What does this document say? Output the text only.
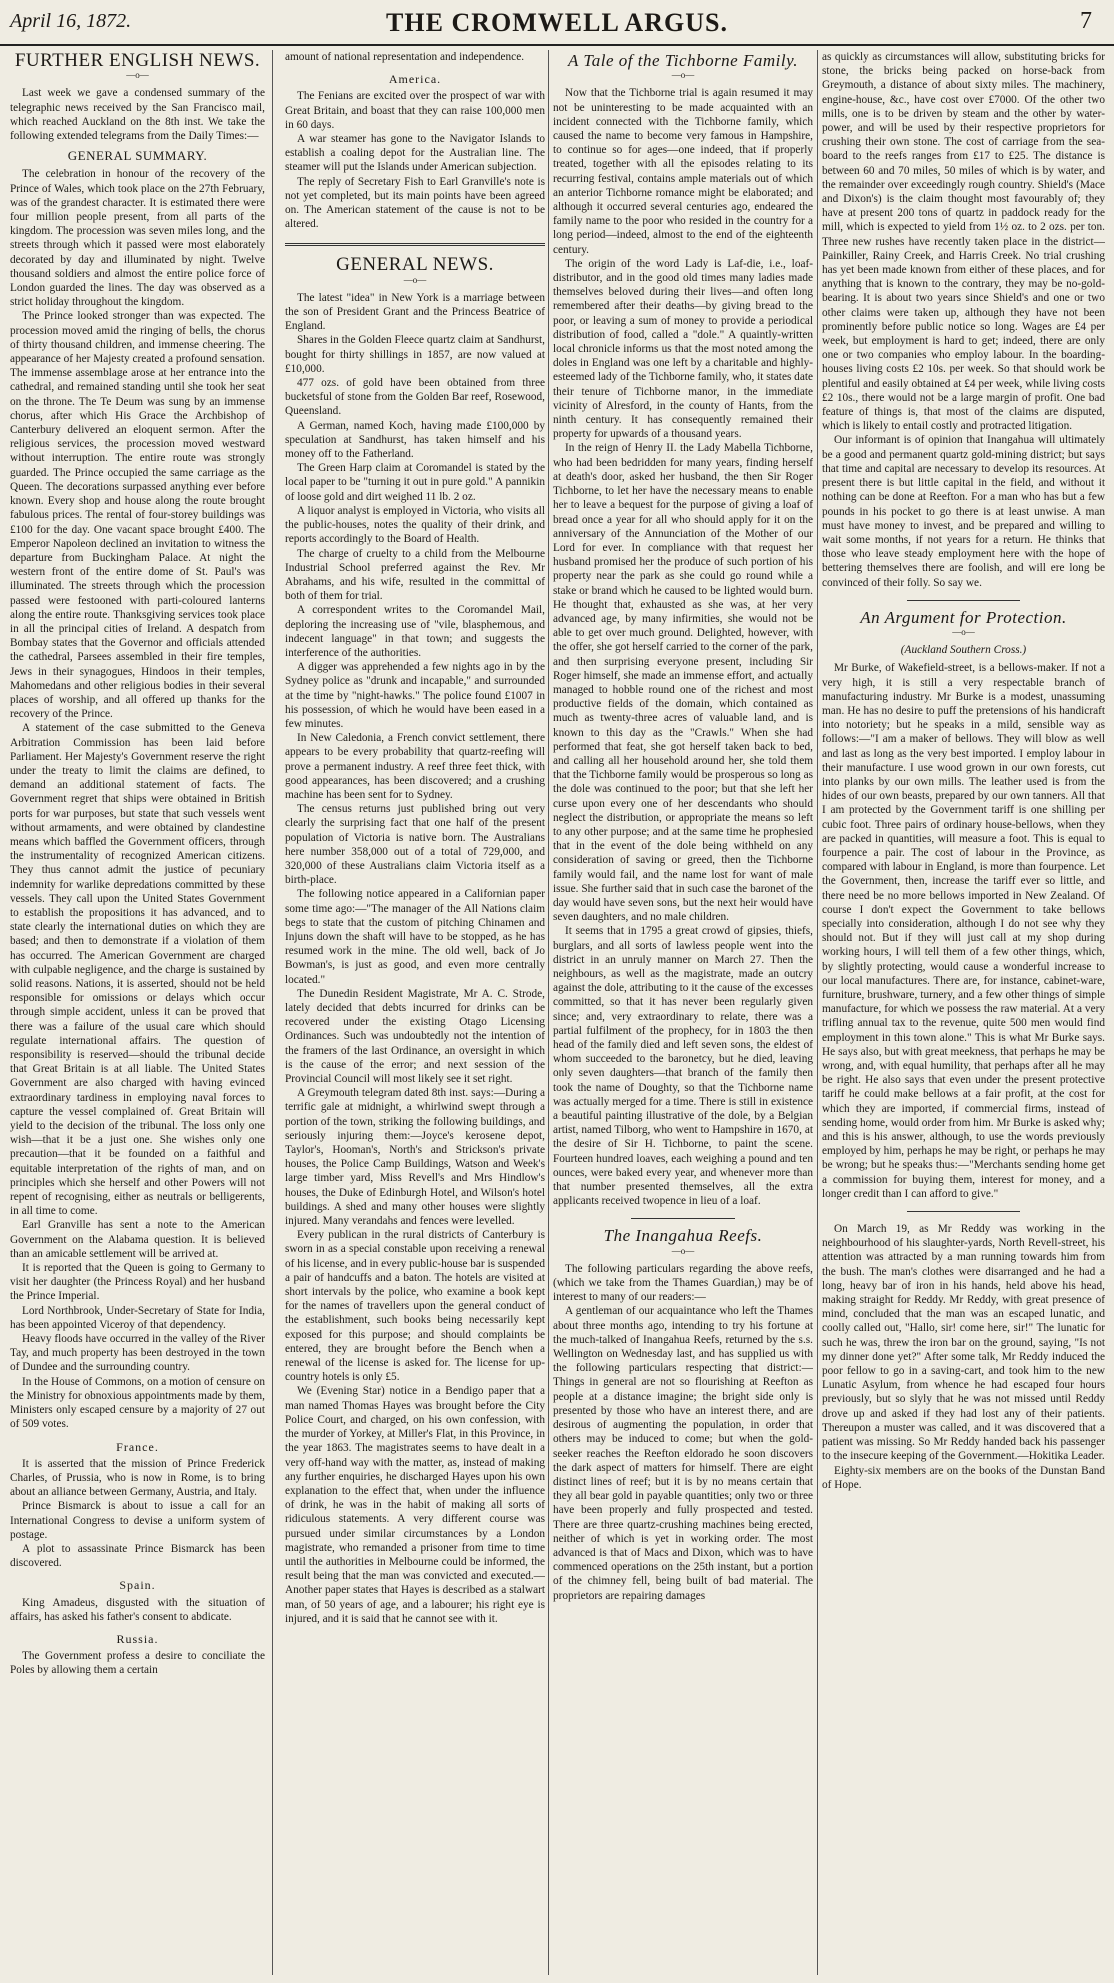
April 16, 1872.	THE CROMWELL ARGUS.	7
FURTHER ENGLISH NEWS.
—o—

Last week we gave a condensed summary of the telegraphic news received by the San Francisco mail, which reached Auckland on the 8th inst. We take the following extended telegrams from the Daily Times:—

GENERAL SUMMARY.

The celebration in honour of the recovery of the Prince of Wales, which took place on the 27th February, was of the grandest character. It is estimated there were four million people present, from all parts of the kingdom. The procession was seven miles long, and the streets through which it passed were most elaborately decorated by day and illuminated by night. Twelve thousand soldiers and almost the entire police force of London guarded the lines. The day was observed as a strict holiday throughout the kingdom.

The Prince looked stronger than was expected. The procession moved amid the ringing of bells, the chorus of thirty thousand children, and immense cheering. The appearance of her Majesty created a profound sensation. The immense assemblage arose at her entrance into the cathedral, and remained standing until she took her seat on the throne. The Te Deum was sung by an immense chorus, after which His Grace the Archbishop of Canterbury delivered an eloquent sermon. After the religious services, the procession moved westward without interruption. The entire route was strongly guarded. The Prince occupied the same carriage as the Queen. The decorations surpassed anything ever before known. Every shop and house along the route brought fabulous prices. The rental of four-storey buildings was £100 for the day. One vacant space brought £400. The Emperor Napoleon declined an invitation to witness the departure from Buckingham Palace. At night the western front of the entire dome of St. Paul's was illuminated. The streets through which the procession passed were festooned with parti-coloured lanterns along the entire route. Thanksgiving services took place in all the principal cities of Ireland. A despatch from Bombay states that the Governor and officials attended the cathedral, Parsees assembled in their fire temples, Jews in their synagogues, Hindoos in their temples, Mahomedans and other religious bodies in their several places of worship, and all offered up thanks for the recovery of the Prince.

A statement of the case submitted to the Geneva Arbitration Commission has been laid before Parliament. Her Majesty's Government reserve the right under the treaty to limit the claims are defined, to demand an additional statement of facts. The Government regret that ships were obtained in British ports for war purposes, but state that such vessels went without armaments, and were obtained by clandestine means which baffled the Government officers, through the instrumentality of recognized American citizens. They thus cannot admit the justice of pecuniary indemnity for warlike depredations committed by these vessels. They call upon the United States Government to establish the propositions it has advanced, and to state clearly the international duties on which they are based; and then to demonstrate if a violation of them has occurred. The American Government are charged with culpable negligence, and the charge is sustained by solid reasons. Nations, it is asserted, should not be held responsible for omissions or delays which occur through simple accident, unless it can be proved that there was a failure of the usual care which should regulate international affairs. The question of responsibility is reserved—should the tribunal decide that Great Britain is at all liable. The United States Government are also charged with having evinced extraordinary tardiness in employing naval forces to capture the vessel complained of. Great Britain will yield to the decision of the tribunal. The loss only one wish—that it be a just one. She wishes only one precaution—that it be founded on a faithful and equitable interpretation of the rights of man, and on principles which she herself and other Powers will not repent of recognising, either as neutrals or belligerents, in all time to come.

Earl Granville has sent a note to the American Government on the Alabama question. It is believed than an amicable settlement will be arrived at.

It is reported that the Queen is going to Germany to visit her daughter (the Princess Royal) and her husband the Prince Imperial.

Lord Northbrook, Under-Secretary of State for India, has been appointed Viceroy of that dependency.

Heavy floods have occurred in the valley of the River Tay, and much property has been destroyed in the town of Dundee and the surrounding country.

In the House of Commons, on a motion of censure on the Ministry for obnoxious appointments made by them, Ministers only escaped censure by a majority of 27 out of 509 votes.

France.

It is asserted that the mission of Prince Frederick Charles, of Prussia, who is now in Rome, is to bring about an alliance between Germany, Austria, and Italy.

Prince Bismarck is about to issue a call for an International Congress to devise a uniform system of postage.

A plot to assassinate Prince Bismarck has been discovered.

Spain.

King Amadeus, disgusted with the situation of affairs, has asked his father's consent to abdicate.

Russia.

The Government profess a desire to conciliate the Poles by allowing them a certain

amount of national representation and independence.

America.

The Fenians are excited over the prospect of war with Great Britain, and boast that they can raise 100,000 men in 60 days.

A war steamer has gone to the Navigator Islands to establish a coaling depot for the Australian line. The steamer will put the Islands under American subjection.

The reply of Secretary Fish to Earl Granville's note is not yet completed, but its main points have been agreed on. The American statement of the cause is not to be altered.

GENERAL NEWS.
—o—

The latest "idea" in New York is a marriage between the son of President Grant and the Princess Beatrice of England.

Shares in the Golden Fleece quartz claim at Sandhurst, bought for thirty shillings in 1857, are now valued at £10,000.

477 ozs. of gold have been obtained from three bucketsful of stone from the Golden Bar reef, Rosewood, Queensland.

A German, named Koch, having made £100,000 by speculation at Sandhurst, has taken himself and his money off to the Fatherland.

The Green Harp claim at Coromandel is stated by the local paper to be "turning it out in pure gold." A pannikin of loose gold and dirt weighed 11 lb. 2 oz.

A liquor analyst is employed in Victoria, who visits all the public-houses, notes the quality of their drink, and reports accordingly to the Board of Health.

The charge of cruelty to a child from the Melbourne Industrial School preferred against the Rev. Mr Abrahams, and his wife, resulted in the committal of both of them for trial.

A correspondent writes to the Coromandel Mail, deploring the increasing use of "vile, blasphemous, and indecent language" in that town; and suggests the interference of the authorities.

A digger was apprehended a few nights ago in by the Sydney police as "drunk and incapable," and surrounded at the time by "night-hawks." The police found £1007 in his possession, of which he would have been eased in a few minutes.

In New Caledonia, a French convict settlement, there appears to be every probability that quartz-reefing will prove a permanent industry. A reef three feet thick, with good appearances, has been discovered; and a crushing machine has been sent for to Sydney.

The census returns just published bring out very clearly the surprising fact that one half of the present population of Victoria is native born. The Australians here number 358,000 out of a total of 729,000, and 320,000 of these Australians claim Victoria itself as a birth-place.

The following notice appeared in a Californian paper some time ago:—"The manager of the All Nations claim begs to state that the custom of pitching Chinamen and Injuns down the shaft will have to be stopped, as he has resumed work in the mine. The old well, back of Jo Bowman's, is just as good, and even more centrally located."

The Dunedin Resident Magistrate, Mr A. C. Strode, lately decided that debts incurred for drinks can be recovered under the existing Otago Licensing Ordinances. Such was undoubtedly not the intention of the framers of the last Ordinance, an oversight in which is the cause of the error; and next session of the Provincial Council will most likely see it set right.

A Greymouth telegram dated 8th inst. says:—During a terrific gale at midnight, a whirlwind swept through a portion of the town, striking the following buildings, and seriously injuring them:—Joyce's kerosene depot, Taylor's, Hooman's, North's and Strickson's private houses, the Police Camp Buildings, Watson and Week's large timber yard, Miss Revell's and Mrs Hindlow's houses, the Duke of Edinburgh Hotel, and Wilson's hotel buildings. A shed and many other houses were slightly injured. Many verandahs and fences were levelled.

Every publican in the rural districts of Canterbury is sworn in as a special constable upon receiving a renewal of his license, and in every public-house bar is suspended a pair of handcuffs and a baton. The hotels are visited at short intervals by the police, who examine a book kept for the names of travellers upon the general conduct of the establishment, such books being necessarily kept exposed for this purpose; and should complaints be entered, they are brought before the Bench when a renewal of the license is asked for. The license for up-country hotels is only £5.

We (Evening Star) notice in a Bendigo paper that a man named Thomas Hayes was brought before the City Police Court, and charged, on his own confession, with the murder of Yorkey, at Miller's Flat, in this Province, in the year 1863. The magistrates seems to have dealt in a very off-hand way with the matter, as, instead of making any further enquiries, he discharged Hayes upon his own explanation to the effect that, when under the influence of drink, he was in the habit of making all sorts of ridiculous statements. A very different course was pursued under similar circumstances by a London magistrate, who remanded a prisoner from time to time until the authorities in Melbourne could be informed, the result being that the man was convicted and executed.—Another paper states that Hayes is described as a stalwart man, of 50 years of age, and a labourer; his right eye is injured, and it is said that he cannot see with it.

A Tale of the Tichborne Family.
—o—

Now that the Tichborne trial is again resumed it may not be uninteresting to be made acquainted with an incident connected with the Tichborne family, which caused the name to become very famous in Hampshire, to continue so for ages—one indeed, that if properly treated, together with all the episodes relating to its recurring festival, contains ample materials out of which an anterior Tichborne romance might be elaborated; and although it occurred several centuries ago, endeared the family name to the poor who resided in the country for a long period—indeed, almost to the end of the eighteenth century.

The origin of the word Lady is Laf-die, i.e., loaf-distributor, and in the good old times many ladies made themselves beloved during their lives—and often long remembered after their deaths—by giving bread to the poor, or leaving a sum of money to provide a periodical distribution of food, called a "dole." A quaintly-written local chronicle informs us that the most noted among the doles in England was one left by a charitable and highly-esteemed lady of the Tichborne family, who, it states date their tenure of Tichborne manor, in the immediate vicinity of Alresford, in the county of Hants, from the ninth century. It has consequently remained their property for upwards of a thousand years.

In the reign of Henry II. the Lady Mabella Tichborne, who had been bedridden for many years, finding herself at death's door, asked her husband, the then Sir Roger Tichborne, to let her have the necessary means to enable her to leave a bequest for the purpose of giving a loaf of bread once a year for all who should apply for it on the anniversary of the Annunciation of the Mother of our Lord for ever. In compliance with that request her husband promised her the produce of such portion of his property near the park as she could go round while a stake or brand which he caused to be lighted would burn. He thought that, exhausted as she was, at her very advanced age, by many infirmities, she would not be able to get over much ground. Delighted, however, with the offer, she got herself carried to the corner of the park, and then surprising everyone present, including Sir Roger himself, she made an immense effort, and actually managed to hobble round one of the richest and most productive fields of the domain, which contained as much as twenty-three acres of valuable land, and is known to this day as the "Crawls." When she had performed that feat, she got herself taken back to bed, and calling all her household around her, she told them that the Tichborne family would be prosperous so long as the dole was continued to the poor; but that she left her curse upon every one of her descendants who should neglect the distribution, or appropriate the means so left to any other purpose; and at the same time he prophesied that in the event of the dole being withheld on any consideration of saving or greed, then the Tichborne family would fail, and the name lost for want of male issue. She further said that in such case the baronet of the day would have seven sons, but the next heir would have seven daughters, and no male children.

It seems that in 1795 a great crowd of gipsies, thiefs, burglars, and all sorts of lawless people went into the district in an unruly manner on March 27. Then the neighbours, as well as the magistrate, made an outcry against the dole, attributing to it the cause of the excesses committed, so that it has never been regularly given since; and, very extraordinary to relate, there was a partial fulfilment of the prophecy, for in 1803 the then head of the family died and left seven sons, the eldest of whom succeeded to the baronetcy, but he died, leaving only seven daughters—that branch of the family then took the name of Doughty, so that the Tichborne name was actually merged for a time. There is still in existence a beautiful painting illustrative of the dole, by a Belgian artist, named Tilborg, who went to Hampshire in 1670, at the desire of Sir H. Tichborne, to paint the scene. Fourteen hundred loaves, each weighing a pound and ten ounces, were baked every year, and whenever more than that number presented themselves, all the extra applicants received twopence in lieu of a loaf.

The Inangahua Reefs.
—o—

The following particulars regarding the above reefs, (which we take from the Thames Guardian,) may be of interest to many of our readers:—

A gentleman of our acquaintance who left the Thames about three months ago, intending to try his fortune at the much-talked of Inangahua Reefs, returned by the s.s. Wellington on Wednesday last, and has supplied us with the following particulars respecting that district:—Things in general are not so flourishing at Reefton as people at a distance imagine; the bright side only is presented by those who have an interest there, and are desirous of augmenting the population, in order that others may be induced to come; but when the gold-seeker reaches the Reefton eldorado he soon discovers the dark aspect of matters for himself. There are eight distinct lines of reef; but it is by no means certain that they all bear gold in payable quantities; only two or three have been properly and fully prospected and tested. There are three quartz-crushing machines being erected, neither of which is yet in working order. The most advanced is that of Macs and Dixon, which was to have commenced operations on the 25th instant, but a portion of the chimney fell, being built of bad material. The proprietors are repairing damages

as quickly as circumstances will allow, substituting bricks for stone, the bricks being packed on horse-back from Greymouth, a distance of about sixty miles. The machinery, engine-house, &c., have cost over £7000. Of the other two mills, one is to be driven by steam and the other by water-power, and will be used by their respective proprietors for crushing their own stone. The cost of carriage from the sea-board to the reefs ranges from £17 to £25. The distance is between 60 and 70 miles, 50 miles of which is by water, and the remainder over exceedingly rough country. Shield's (Mace and Dixon's) is the claim thought most favourably of; they have at present 200 tons of quartz in paddock ready for the mill, which is expected to yield from 1½ oz. to 2 ozs. per ton. Three new rushes have recently taken place in the district—Painkiller, Rainy Creek, and Harris Creek. No trial crushing has yet been made known from either of these places, and for anything that is known to the contrary, they may be no-gold-bearing. It is about two years since Shield's and one or two other claims were taken up, although they have not been prominently before public notice so long. Wages are £4 per week, but employment is hard to get; indeed, there are only one or two companies who employ labour. In the boarding-houses living costs £2 10s. per week. So that should work be plentiful and easily obtained at £4 per week, while living costs £2 10s., there would not be a large margin of profit. One bad feature of things is, that most of the claims are disputed, which is likely to entail costly and protracted litigation.

Our informant is of opinion that Inangahua will ultimately be a good and permanent quartz gold-mining district; but says that time and capital are necessary to develop its resources. At present there is but little capital in the field, and without it nothing can be done at Reefton. For a man who has but a few pounds in his pocket to go there is at least unwise. A man must have money to invest, and be prepared and willing to wait some months, if not years for a return. He thinks that those who leave steady employment here with the hope of bettering themselves there are foolish, and will ere long be convinced of their folly. So say we.

An Argument for Protection.
—o—

(Auckland Southern Cross.)

Mr Burke, of Wakefield-street, is a bellows-maker. If not a very high, it is still a very respectable branch of manufacturing industry. Mr Burke is a modest, unassuming man. He has no desire to puff the pretensions of his handicraft into notoriety; but he speaks in a mild, sensible way as follows:—"I am a maker of bellows. They will blow as well and last as long as the very best imported. I employ labour in their manufacture. I use wood grown in our own forests, cut into planks by our own mills. The leather used is from the hides of our own beasts, prepared by our own tanners. All that I am protected by the Government tariff is one shilling per cubic foot. Three pairs of ordinary house-bellows, when they are packed in quantities, will measure a foot. This is equal to fourpence a pair. The cost of labour in the Province, as compared with labour in England, is more than fourpence. Let the Government, then, increase the tariff ever so little, and there need be no more bellows imported in New Zealand. Of course I don't expect the Government to take bellows specially into consideration, although I do not see why they should not. But if they will just call at my shop during working hours, I will tell them of a few other things, which, by slightly protecting, would cause a wonderful increase to our local manufactures. There are, for instance, cabinet-ware, furniture, brushware, turnery, and a few other things of simple manufacture, for which we possess the raw material. At a very trifling annual tax to the revenue, quite 500 men would find employment in this town alone." This is what Mr Burke says. He says also, but with great meekness, that perhaps he may be wrong, and, with equal humility, that perhaps after all he may be right. He also says that even under the present protective tariff he could make bellows at a fair profit, at the cost for which they are imported, if commercial firms, instead of sending home, would order from him. Mr Burke is asked why; and this is his answer, although, to use the words previously employed by him, perhaps he may be right, or perhaps he may be wrong; but he speaks thus:—"Merchants sending home get a commission for buying them, interest for money, and a longer credit than I can afford to give."

On March 19, as Mr Reddy was working in the neighbourhood of his slaughter-yards, North Revell-street, his attention was attracted by a man running towards him from the bush. The man's clothes were disarranged and he had a long, heavy bar of iron in his hands, held above his head, making straight for Reddy. Mr Reddy, with great presence of mind, concluded that the man was an escaped lunatic, and coolly called out, "Hallo, sir! come here, sir!" The lunatic for such he was, threw the iron bar on the ground, saying, "Is not my dinner done yet?" After some talk, Mr Reddy induced the poor fellow to go in a saving-cart, and took him to the new Lunatic Asylum, from whence he had escaped four hours previously, but so slyly that he was not missed until Reddy drove up and asked if they had lost any of their patients. Thereupon a muster was called, and it was discovered that a patient was missing. So Mr Reddy handed back his passenger to the insecure keeping of the Government.—Hokitika Leader.

Eighty-six members are on the books of the Dunstan Band of Hope.
